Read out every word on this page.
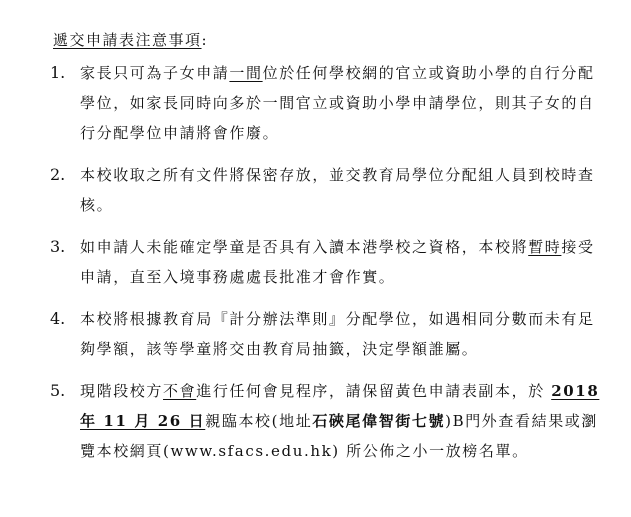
遞交申請表注意事項:
1. 家長只可為子女申請一間位於任何學校網的官立或資助小學的自行分配學位，如家長同時向多於一間官立或資助小學申請學位，則其子女的自行分配學位申請將會作廢。
2. 本校收取之所有文件將保密存放，並交教育局學位分配組人員到校時查核。
3. 如申請人未能確定學童是否具有入讀本港學校之資格，本校將暫時接受申請，直至入境事務處處長批准才會作實。
4. 本校將根據教育局『計分辦法準則』分配學位，如遇相同分數而未有足夠學額，該等學童將交由教育局抽籤，決定學額誰屬。
5. 現階段校方不會進行任何會見程序，請保留黃色申請表副本，於 2018年 11 月 26 日親臨本校(地址石硤尾偉智街七號)B門外查看結果或瀏覽本校網頁(www.sfacs.edu.hk) 所公佈之小一放榜名單。
